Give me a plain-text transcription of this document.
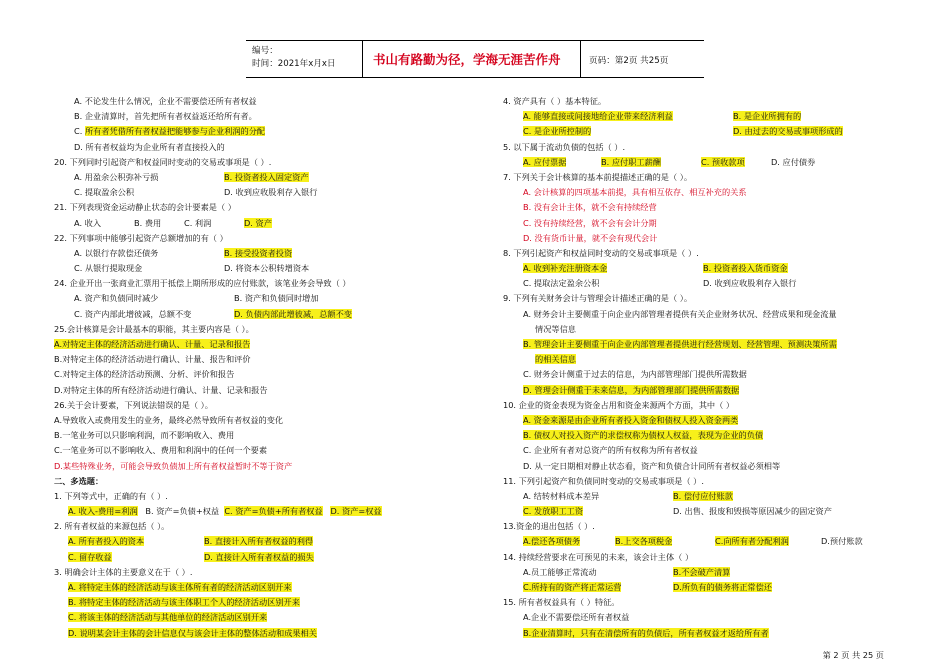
编号：
时间：2021年x月x日	书山有路勤为径，学海无涯苦作舟	页码：第2页 共25页
A. 不论发生什么情况，企业不需要偿还所有者权益
B. 企业清算时，首先把所有者权益返还给所有者。
C. 所有者凭借所有者权益把能够参与企业利润的分配
D. 所有者权益均为企业所有者直接投入的
20. 下列同时引起资产和权益同时变动的交易或事项是（ ）.
A. 用盈余公积弥补亏损	B. 投资者投入固定资产
C. 提取盈余公积	D. 收到应收股利存入银行
21. 下列表现资金运动静止状态的会计要素是（ ）
A. 收入	B. 费用	C. 利润	D. 资产
22. 下列事项中能够引起资产总额增加的有（ ）
A. 以银行存款偿还债务	B. 接受投资者投资
C. 从银行提取现金	D. 将资本公积转增资本
24. 企业开出一张商业汇票用于抵偿上期所形成的应付账款，该笔业务会导致（ ）
A. 资产和负债同时减少	B. 资产和负债同时增加
C. 资产内部此增彼减，总额不变	D. 负债内部此增彼减，总额不变
25.会计核算是会计最基本的职能，其主要内容是（ ）。
A.对特定主体的经济活动进行确认、计量、记录和报告
B.对特定主体的经济活动进行确认、计量、报告和评价
C.对特定主体的经济活动预测、分析、评价和报告
D.对特定主体的所有经济活动进行确认、计量、记录和报告
26.关于会计要素，下列说法错误的是（ ）。
A.导致收入或费用发生的业务，最终必然导致所有者权益的变化
B.一笔业务可以只影响利润，而不影响收入、费用
C.一笔业务可以不影响收入、费用和利润中的任何一个要素
D.某些特殊业务，可能会导致负债加上所有者权益暂时不等于资产
二、多选题：
1. 下列等式中，正确的有（ ）.
A. 收入-费用=利润 B. 资产=负债+权益 C. 资产=负债+所有者权益 D. 资产=权益
2. 所有者权益的来源包括（ ）。
A. 所有者投入的资本	B. 直接计入所有者权益的利得
C. 留存收益	D. 直接计入所有者权益的损失
3. 明确会计主体的主要意义在于（ ）.
A. 将特定主体的经济活动与该主体所有者的经济活动区别开来
B. 将特定主体的经济活动与该主体职工个人的经济活动区别开来
C. 将该主体的经济活动与其他单位的经济活动区别开来
D. 说明某会计主体的会计信息仅与该会计主体的整体活动和成果相关
4. 资产具有（ ）基本特征。
A. 能够直接或间接地给企业带来经济利益	B. 是企业所拥有的
C. 是企业所控制的	D. 由过去的交易或事项形成的
5. 以下属于流动负债的包括（ ）.
A. 应付票据	B. 应付职工薪酬	C. 预收款项	D. 应付债券
7. 下列关于会计核算的基本前提描述正确的是（ ）。
A. 会计核算的四项基本前提，具有相互依存、相互补充的关系
B. 没有会计主体，就不会有持续经营
C. 没有持续经营，就不会有会计分期
D. 没有货币计量，就不会有现代会计
8. 下列引起资产和权益同时变动的交易或事项是（ ）.
A. 收到补充注册资本金	B. 投资者投入货币资金
C. 提取法定盈余公积	D. 收到应收股利存入银行
9. 下列有关财务会计与管理会计描述正确的是（ ）。
A. 财务会计主要侧重于向企业内部管理者提供有关企业财务状况、经营成果和现金流量
情况等信息
B. 管理会计主要侧重于向企业内部管理者提供进行经营规划、经营管理、预测决策所需
的相关信息
C. 财务会计侧重于过去的信息，为内部管理部门提供所需数据
D. 管理会计侧重于未来信息，为内部管理部门提供所需数据
10. 企业的资金表现为资金占用和资金来源两个方面，其中（ ）
A. 资金来源是由企业所有者投入资金和债权人投入资金两类
B. 债权人对投入资产的求偿权称为债权人权益，表现为企业的负债
C. 企业所有者对总资产的所有权称为所有者权益
D. 从一定日期相对静止状态看，资产和负债合计同所有者权益必须相等
11. 下列引起资产和负债同时变动的交易或事项是（ ）.
A. 结转材料成本差异	B. 偿付应付账款
C. 发放职工工资	D. 出售、报废和毁损等原因减少的固定资产
13.资金的退出包括（ ）.
A.偿还各项债务	B.上交各项税金	C.向所有者分配利润	D.预付账款
14. 持续经营要求在可预见的未来，该会计主体（ ）
A.员工能够正常流动	B.不会破产清算
C.所持有的资产将正常运营	D.所负有的债务将正常偿还
15. 所有者权益具有（ ）特征。
A.企业不需要偿还所有者权益
B.企业清算时，只有在清偿所有的负债后，所有者权益才返给所有者
第 2 页 共 25 页
